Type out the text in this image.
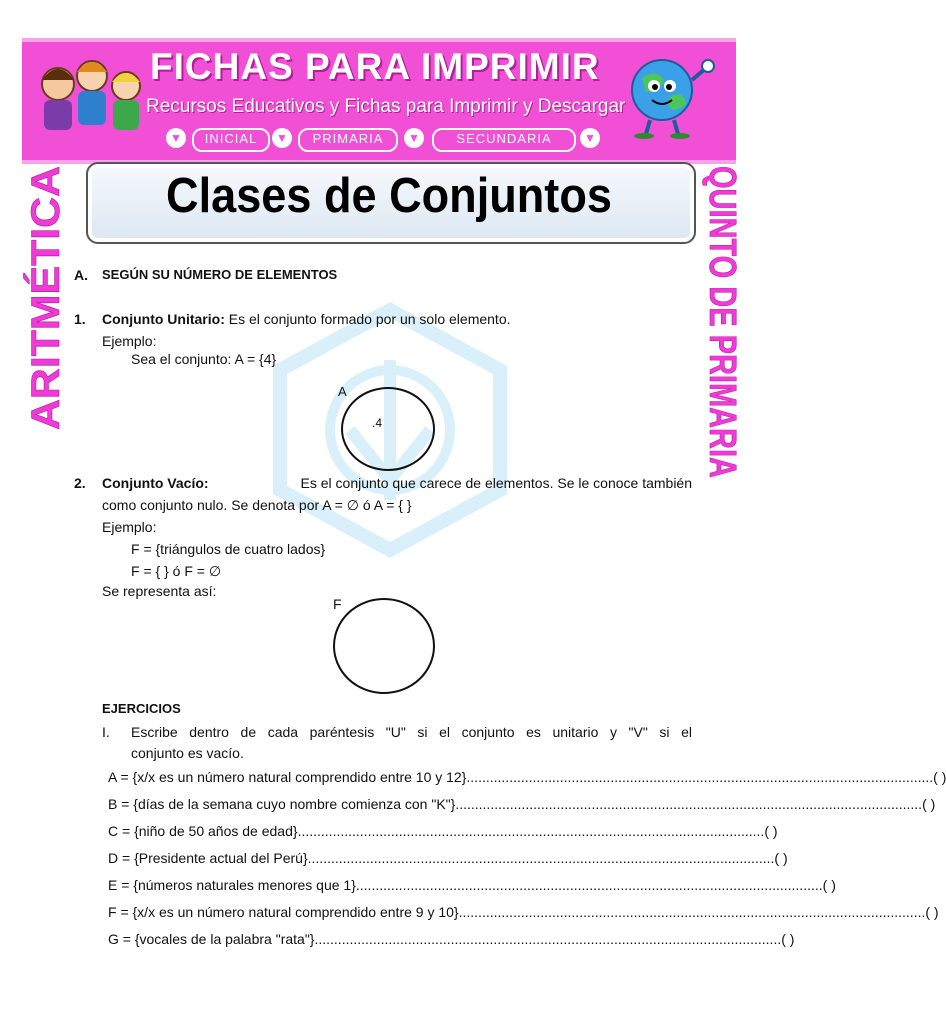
FICHAS PARA IMPRIMIR
Recursos Educativos y Fichas para Imprimir y Descargar
▼	INICIAL	▼	PRIMARIA	▼	SECUNDARIA	▼
Clases de Conjuntos
ARITMÉTICA	QUINTO DE PRIMARIA
A. SEGÚN SU NÚMERO DE ELEMENTOS
1. Conjunto Unitario: Es el conjunto formado por un solo elemento.
Ejemplo:
Sea el conjunto: A = {4}
A
.4
2. Conjunto Vacío:	Es el conjunto que carece de elementos. Se le conoce también
como conjunto nulo. Se denota por A = ∅ ó A = { }
Ejemplo:
F = {triángulos de cuatro lados}
F = { } ó F = ∅
Se representa así:
F
EJERCICIOS
I. Escribe dentro de cada paréntesis "U" si el conjunto es unitario y "V" si el
conjunto es vacío.
A = {x/x es un número natural comprendido entre 10 y 12}........................................................................................................................ ( )
B = {días de la semana cuyo nombre comienza con "K"}........................................................................................................................ ( )
C = {niño de 50 años de edad}........................................................................................................................ ( )
D = {Presidente actual del Perú}........................................................................................................................ ( )
E = {números naturales menores que 1}........................................................................................................................ ( )
F = {x/x es un número natural comprendido entre 9 y 10}........................................................................................................................ ( )
G = {vocales de la palabra "rata"}........................................................................................................................ ( )
